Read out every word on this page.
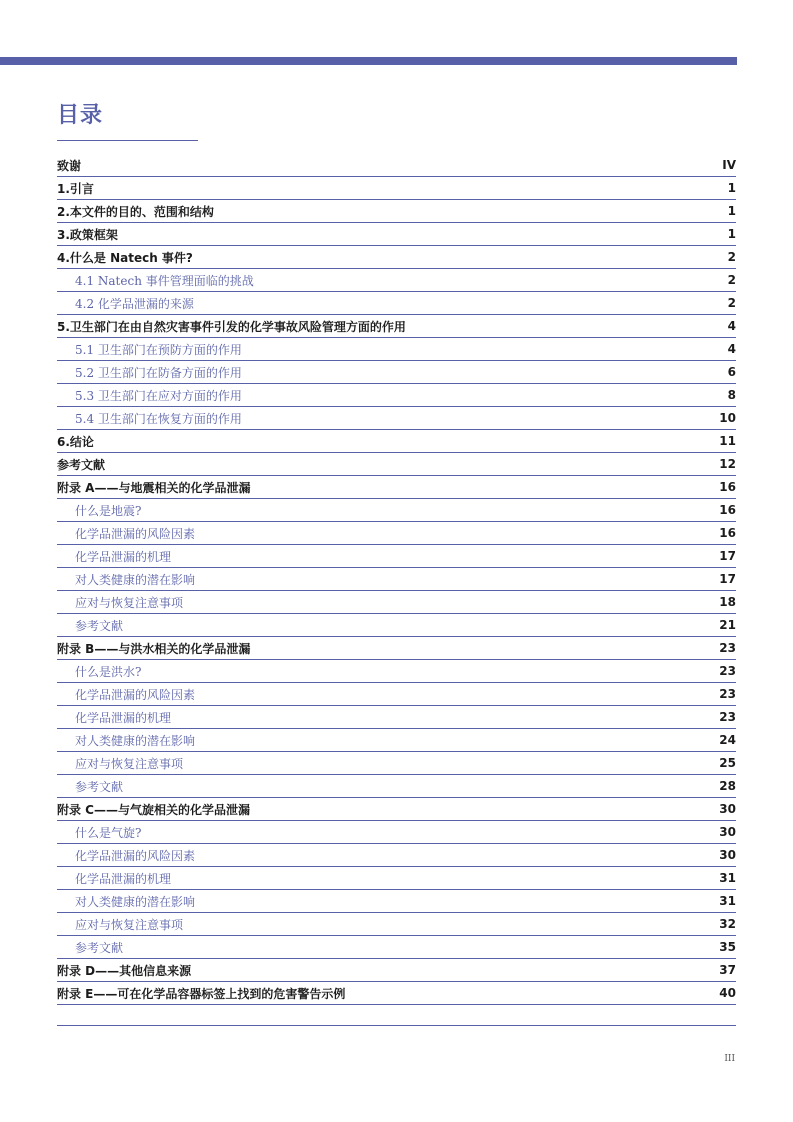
目录
致谢	IV
1.引言	1
2.本文件的目的、范围和结构	1
3.政策框架	1
4.什么是 Natech 事件?	2
4.1 Natech 事件管理面临的挑战	2
4.2 化学品泄漏的来源	2
5.卫生部门在由自然灾害事件引发的化学事故风险管理方面的作用	4
5.1 卫生部门在预防方面的作用	4
5.2 卫生部门在防备方面的作用	6
5.3 卫生部门在应对方面的作用	8
5.4 卫生部门在恢复方面的作用	10
6.结论	11
参考文献	12
附录 A——与地震相关的化学品泄漏	16
什么是地震?	16
化学品泄漏的风险因素	16
化学品泄漏的机理	17
对人类健康的潜在影响	17
应对与恢复注意事项	18
参考文献	21
附录 B——与洪水相关的化学品泄漏	23
什么是洪水?	23
化学品泄漏的风险因素	23
化学品泄漏的机理	23
对人类健康的潜在影响	24
应对与恢复注意事项	25
参考文献	28
附录 C——与气旋相关的化学品泄漏	30
什么是气旋?	30
化学品泄漏的风险因素	30
化学品泄漏的机理	31
对人类健康的潜在影响	31
应对与恢复注意事项	32
参考文献	35
附录 D——其他信息来源	37
附录 E——可在化学品容器标签上找到的危害警告示例	40
III
